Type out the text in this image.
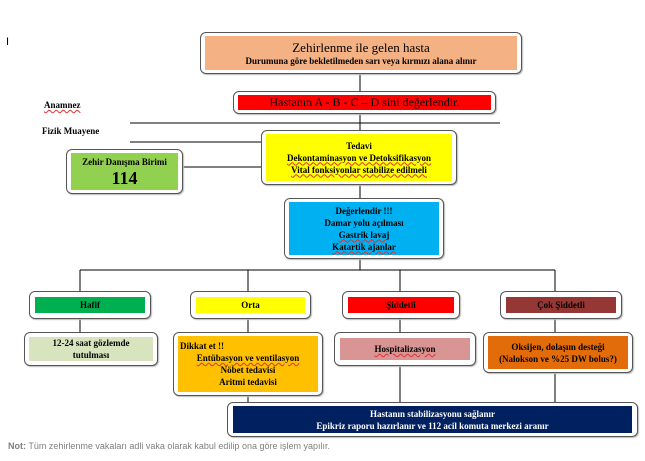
I	Zehirlenme ile gelen hasta
Durumuna göre bekletilmeden sarı veya kırmızı alana alınır
Hastanın A - B - C – D sini değerlendir.
Anamnez
Fizik Muayene
Zehir Danışma Birimi
114
Tedavi
Dekontaminasyon ve Detoksifikasyon
Vital fonksiyonlar stabilize edilmeli
Değerlendir !!!
Damar yolu açılması
Gastrik lavaj
Katartik ajanlar
Hafif	Orta	Şiddetli	Çok Şiddetli
12-24 saat gözlemde
tutulması
Dikkat et !!
Entübasyon ve ventilasyon
Nöbet tedavisi
Aritmi tedavisi
Hospitalizasyon	Oksijen, dolaşım desteği
(Nalokson ve %25 DW bolus?)
Hastanın stabilizasyonu sağlanır
Epikriz raporu hazırlanır ve 112 acil komuta merkezi aranır
Not: Tüm zehirlenme vakaları adli vaka olarak kabul edilip ona göre işlem yapılır.
